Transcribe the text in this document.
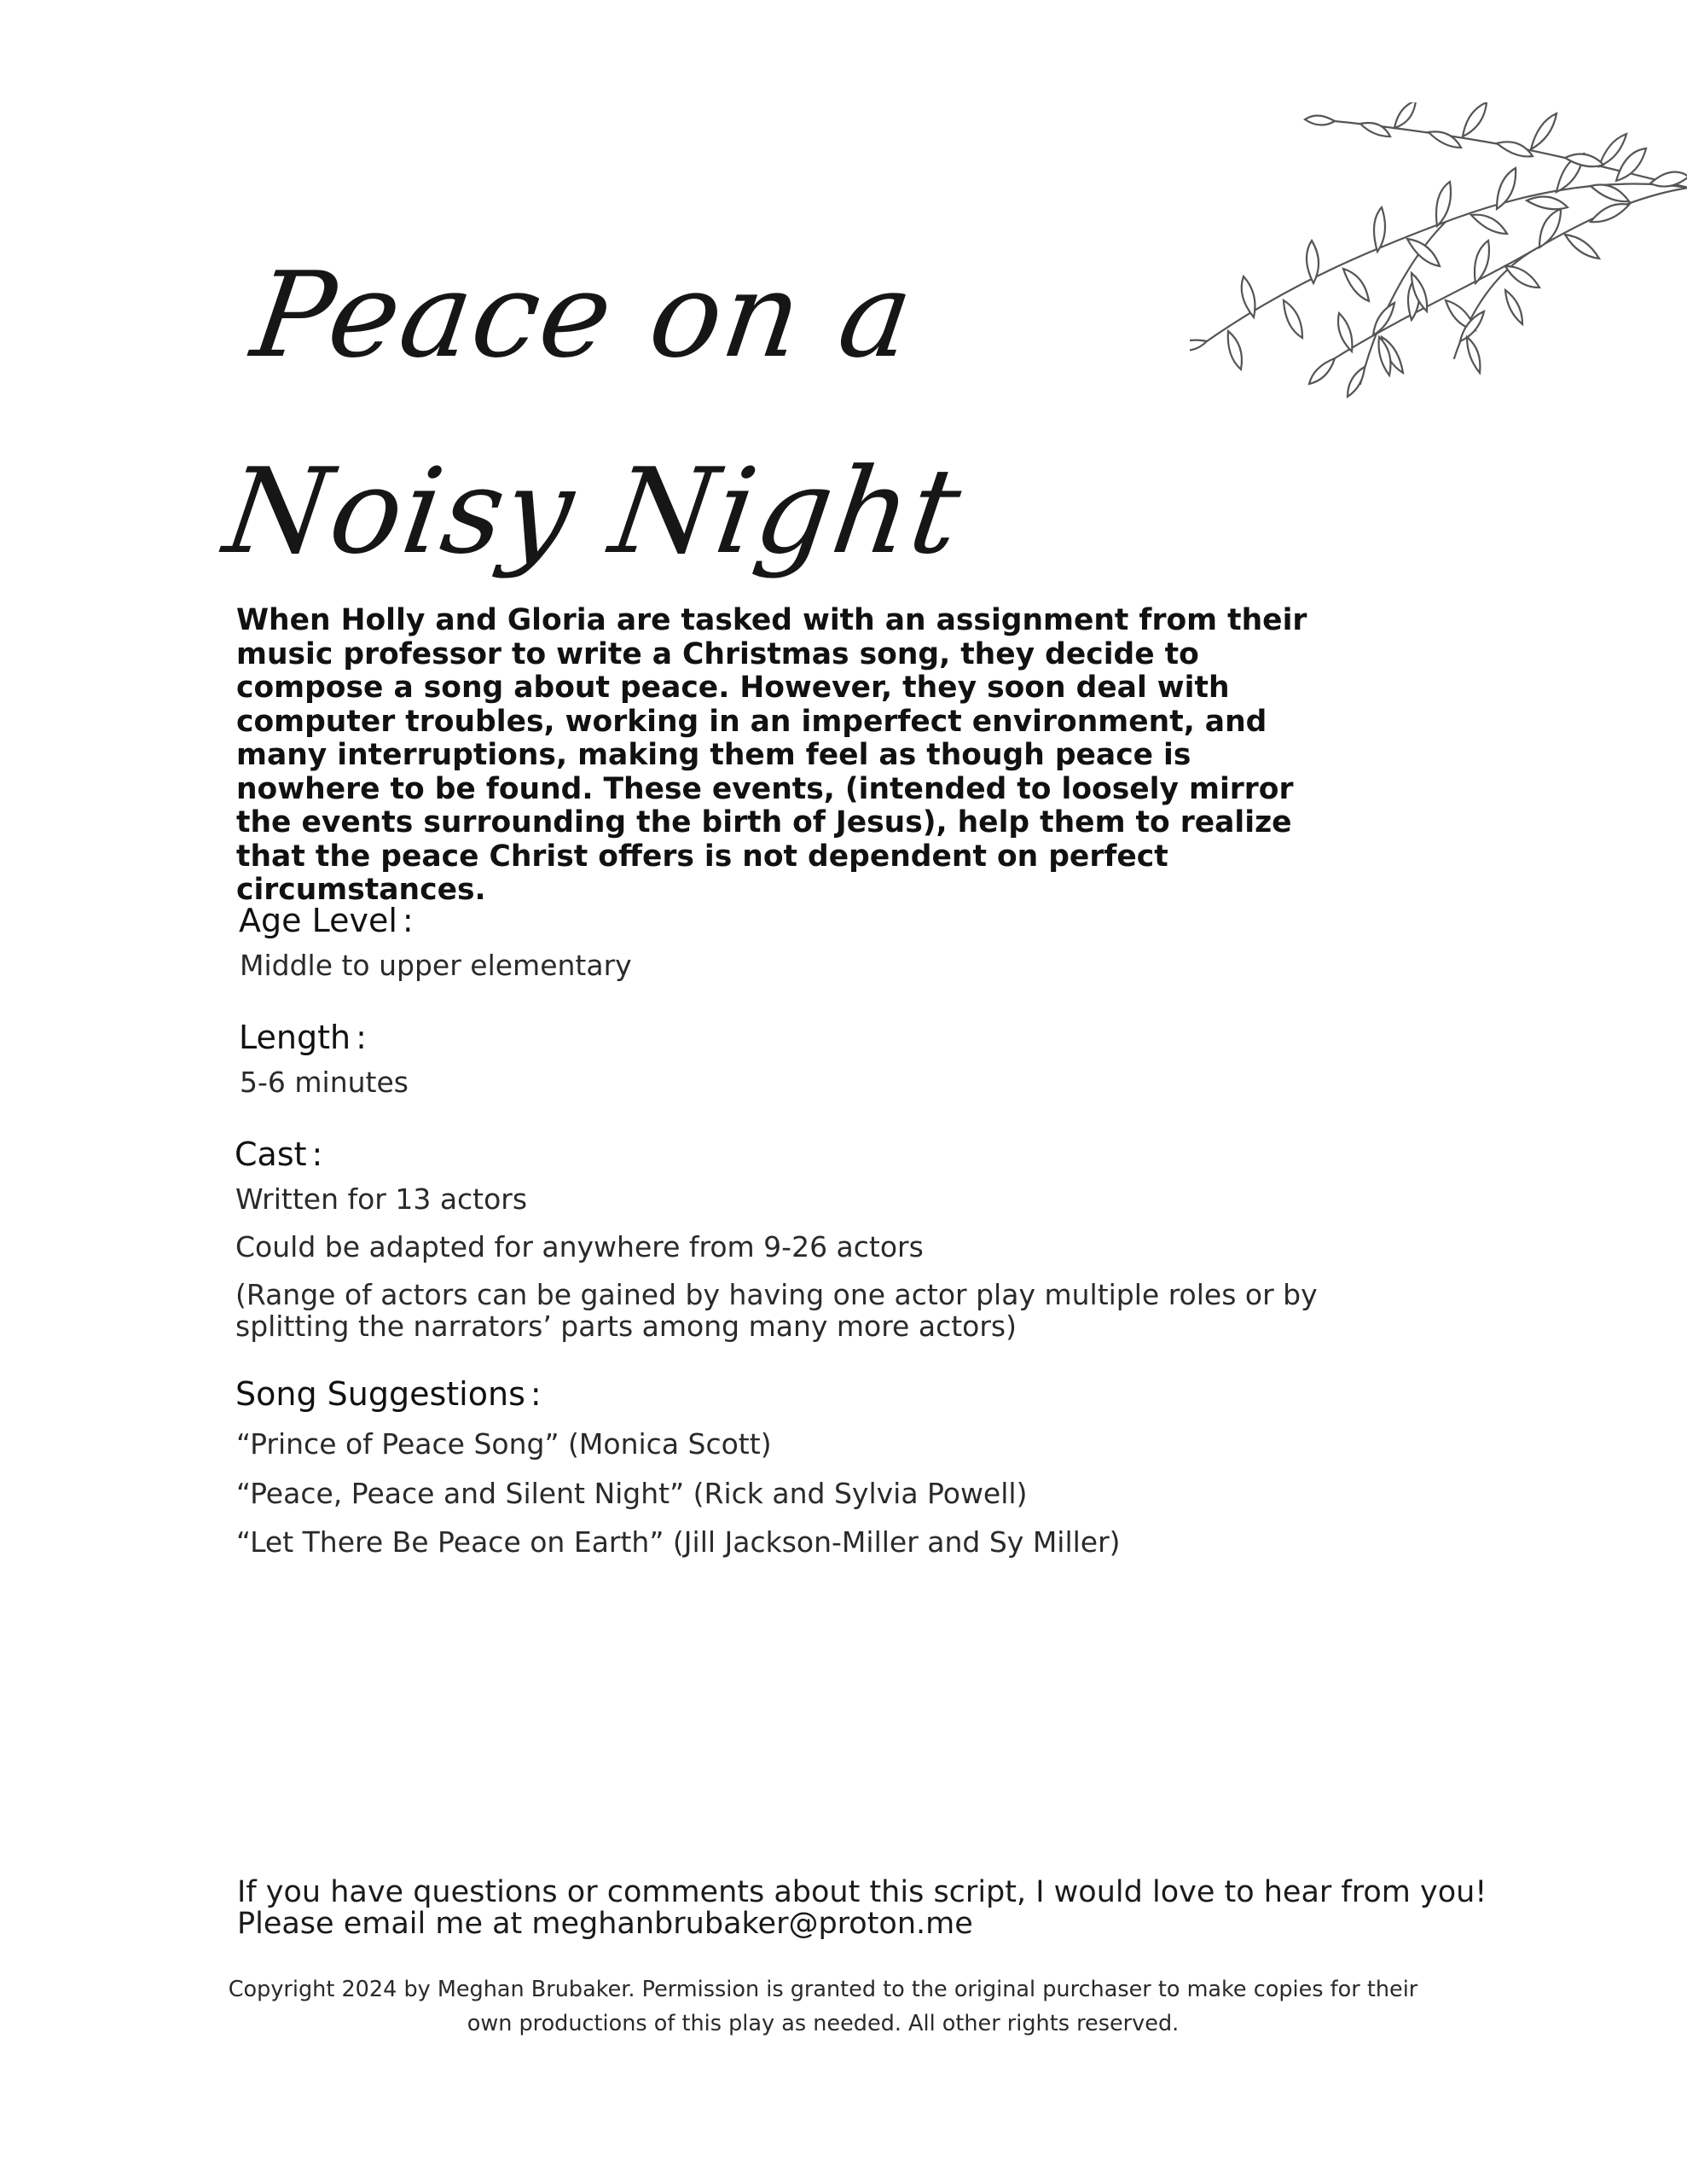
Peace on a
Noisy Night
When Holly and Gloria are tasked with an assignment from their music professor to write a Christmas song, they decide to compose a song about peace. However, they soon deal with computer troubles, working in an imperfect environment, and many interruptions, making them feel as though peace is nowhere to be found. These events, (intended to loosely mirror the events surrounding the birth of Jesus), help them to realize that the peace Christ offers is not dependent on perfect circumstances.
Age Level :
Middle to upper elementary
Length :
5-6 minutes
Cast :
Written for 13 actors
Could be adapted for anywhere from 9-26 actors
(Range of actors can be gained by having one actor play multiple roles or by splitting the narrators’ parts among many more actors)
Song Suggestions :
“Prince of Peace Song” (Monica Scott)
“Peace, Peace and Silent Night” (Rick and Sylvia Powell)
“Let There Be Peace on Earth” (Jill Jackson-Miller and Sy Miller)
If you have questions or comments about this script, I would love to hear from you!
Please email me at meghanbrubaker@proton.me
Copyright 2024 by Meghan Brubaker. Permission is granted to the original purchaser to make copies for their own productions of this play as needed. All other rights reserved.
